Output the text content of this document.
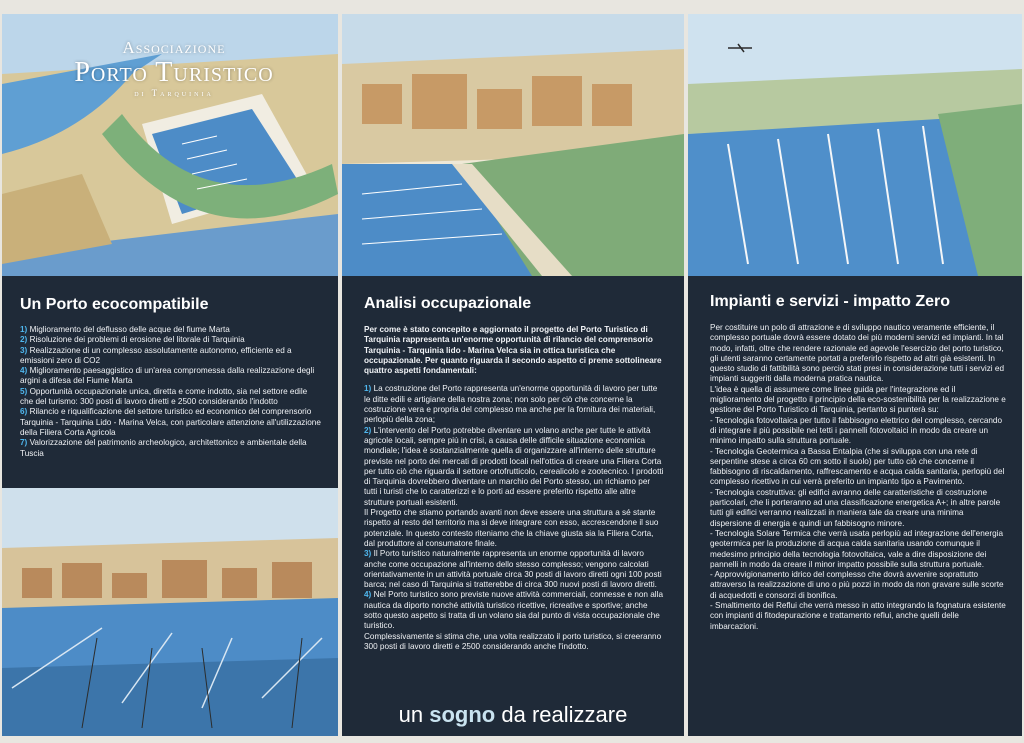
Associazione
Porto Turistico
di Tarquinia
Un Porto ecocompatibile

1) Miglioramento del deflusso delle acque del fiume Marta

2) Risoluzione dei problemi di erosione del litorale di Tarquinia

3) Realizzazione di un complesso assolutamente autonomo, efficiente ed a emissioni zero di CO2

4) Miglioramento paesaggistico di un'area compromessa dalla realizzazione degli argini a difesa del Fiume Marta

5) Opportunità occupazionale unica, diretta e come indotto, sia nel settore edile che del turismo: 300 posti di lavoro diretti e 2500 considerando l'indotto

6) Rilancio e riqualificazione del settore turistico ed economico del comprensorio Tarquinia - Tarquinia Lido - Marina Velca, con particolare attenzione all'utilizzazione della Filiera Corta Agricola

7) Valorizzazione del patrimonio archeologico, architettonico e ambientale della Tuscia

Analisi occupazionale

Per come è stato concepito e aggiornato il progetto del Porto Turistico di Tarquinia rappresenta un'enorme opportunità di rilancio del comprensorio Tarquinia - Tarquinia lido - Marina Velca sia in ottica turistica che occupazionale. Per quanto riguarda il secondo aspetto ci preme sottolineare quattro aspetti fondamentali:

1) La costruzione del Porto rappresenta un'enorme opportunità di lavoro per tutte le ditte edili e artigiane della nostra zona; non solo per ciò che concerne la costruzione vera e propria del complesso ma anche per la fornitura dei materiali, perlopiù della zona;

2) L'intervento del Porto potrebbe diventare un volano anche per tutte le attività agricole locali, sempre più in crisi, a causa delle difficile situazione economica mondiale; l'idea è sostanzialmente quella di organizzare all'interno delle strutture previste nel porto dei mercati di prodotti locali nell'ottica di creare una Filiera Corta per tutto ciò che riguarda il settore ortofrutticolo, cerealicolo e zootecnico. I prodotti di Tarquinia dovrebbero diventare un marchio del Porto stesso, un richiamo per tutti i turisti che lo caratterizzi e lo porti ad essere preferito rispetto alle altre strutture portuali esistenti.

Il Progetto che stiamo portando avanti non deve essere una struttura a sé stante rispetto al resto del territorio ma si deve integrare con esso, accrescendone il suo potenziale. In questo contesto riteniamo che la chiave giusta sia la Filiera Corta, dal produttore al consumatore finale.

3) Il Porto turistico naturalmente rappresenta un enorme opportunità di lavoro anche come occupazione all'interno dello stesso complesso; vengono calcolati orientativamente in un attività portuale circa 30 posti di lavoro diretti ogni 100 posti barca; nel caso di Tarquinia si tratterebbe di circa 300 nuovi posti di lavoro diretti.

4) Nel Porto turistico sono previste nuove attività commerciali, connesse e non alla nautica da diporto nonché attività turistico ricettive, ricreative e sportive; anche sotto questo aspetto si tratta di un volano sia dal punto di vista occupazionale che turistico.

Complessivamente si stima che, una volta realizzato il porto turistico, si creeranno 300 posti di lavoro diretti e 2500 considerando anche l'indotto.

un sogno da realizzare
Impianti e servizi - impatto Zero

Per costituire un polo di attrazione e di sviluppo nautico veramente efficiente, il complesso portuale dovrà essere dotato dei più moderni servizi ed impianti. In tal modo, infatti, oltre che rendere razionale ed agevole l'esercizio del porto turistico, gli utenti saranno certamente portati a preferirlo rispetto ad altri già esistenti. In questo studio di fattibilità sono perciò stati presi in considerazione tutti i servizi ed impianti suggeriti dalla moderna pratica nautica.

L'idea è quella di assumere come linee guida per l'integrazione ed il miglioramento del progetto il principio della eco-sostenibilità per la realizzazione e gestione del Porto Turistico di Tarquinia, pertanto si punterà su:

- Tecnologia fotovoltaica per tutto il fabbisogno elettrico del complesso, cercando di integrare il più possibile nei tetti i pannelli fotovoltaici in modo da creare un minimo impatto sulla struttura portuale.

- Tecnologia Geotermica a Bassa Entalpia (che si sviluppa con una rete di serpentine stese a circa 60 cm sotto il suolo) per tutto ciò che concerne il fabbisogno di riscaldamento, raffrescamento e acqua calda sanitaria, perlopiù del complesso ricettivo in cui verrà preferito un impianto tipo a Pavimento.

- Tecnologia costruttiva: gli edifici avranno delle caratteristiche di costruzione particolari, che li porteranno ad una classificazione energetica A+; in altre parole tutti gli edifici verranno realizzati in maniera tale da creare una minima dispersione di energia e quindi un fabbisogno minore.

- Tecnologia Solare Termica che verrà usata perlopiù ad integrazione dell'energia geotermica per la produzione di acqua calda sanitaria usando comunque il medesimo principio della tecnologia fotovoltaica, vale a dire disposizione dei pannelli in modo da creare il minor impatto possibile sulla struttura portuale.

- Approvvigionamento idrico del complesso che dovrà avvenire soprattutto attraverso la realizzazione di uno o più pozzi in modo da non gravare sulle scorte di acquedotti e consorzi di bonifica.

- Smaltimento dei Reflui che verrà messo in atto integrando la fognatura esistente con impianti di fitodepurazione e trattamento reflui, anche quelli delle imbarcazioni.
